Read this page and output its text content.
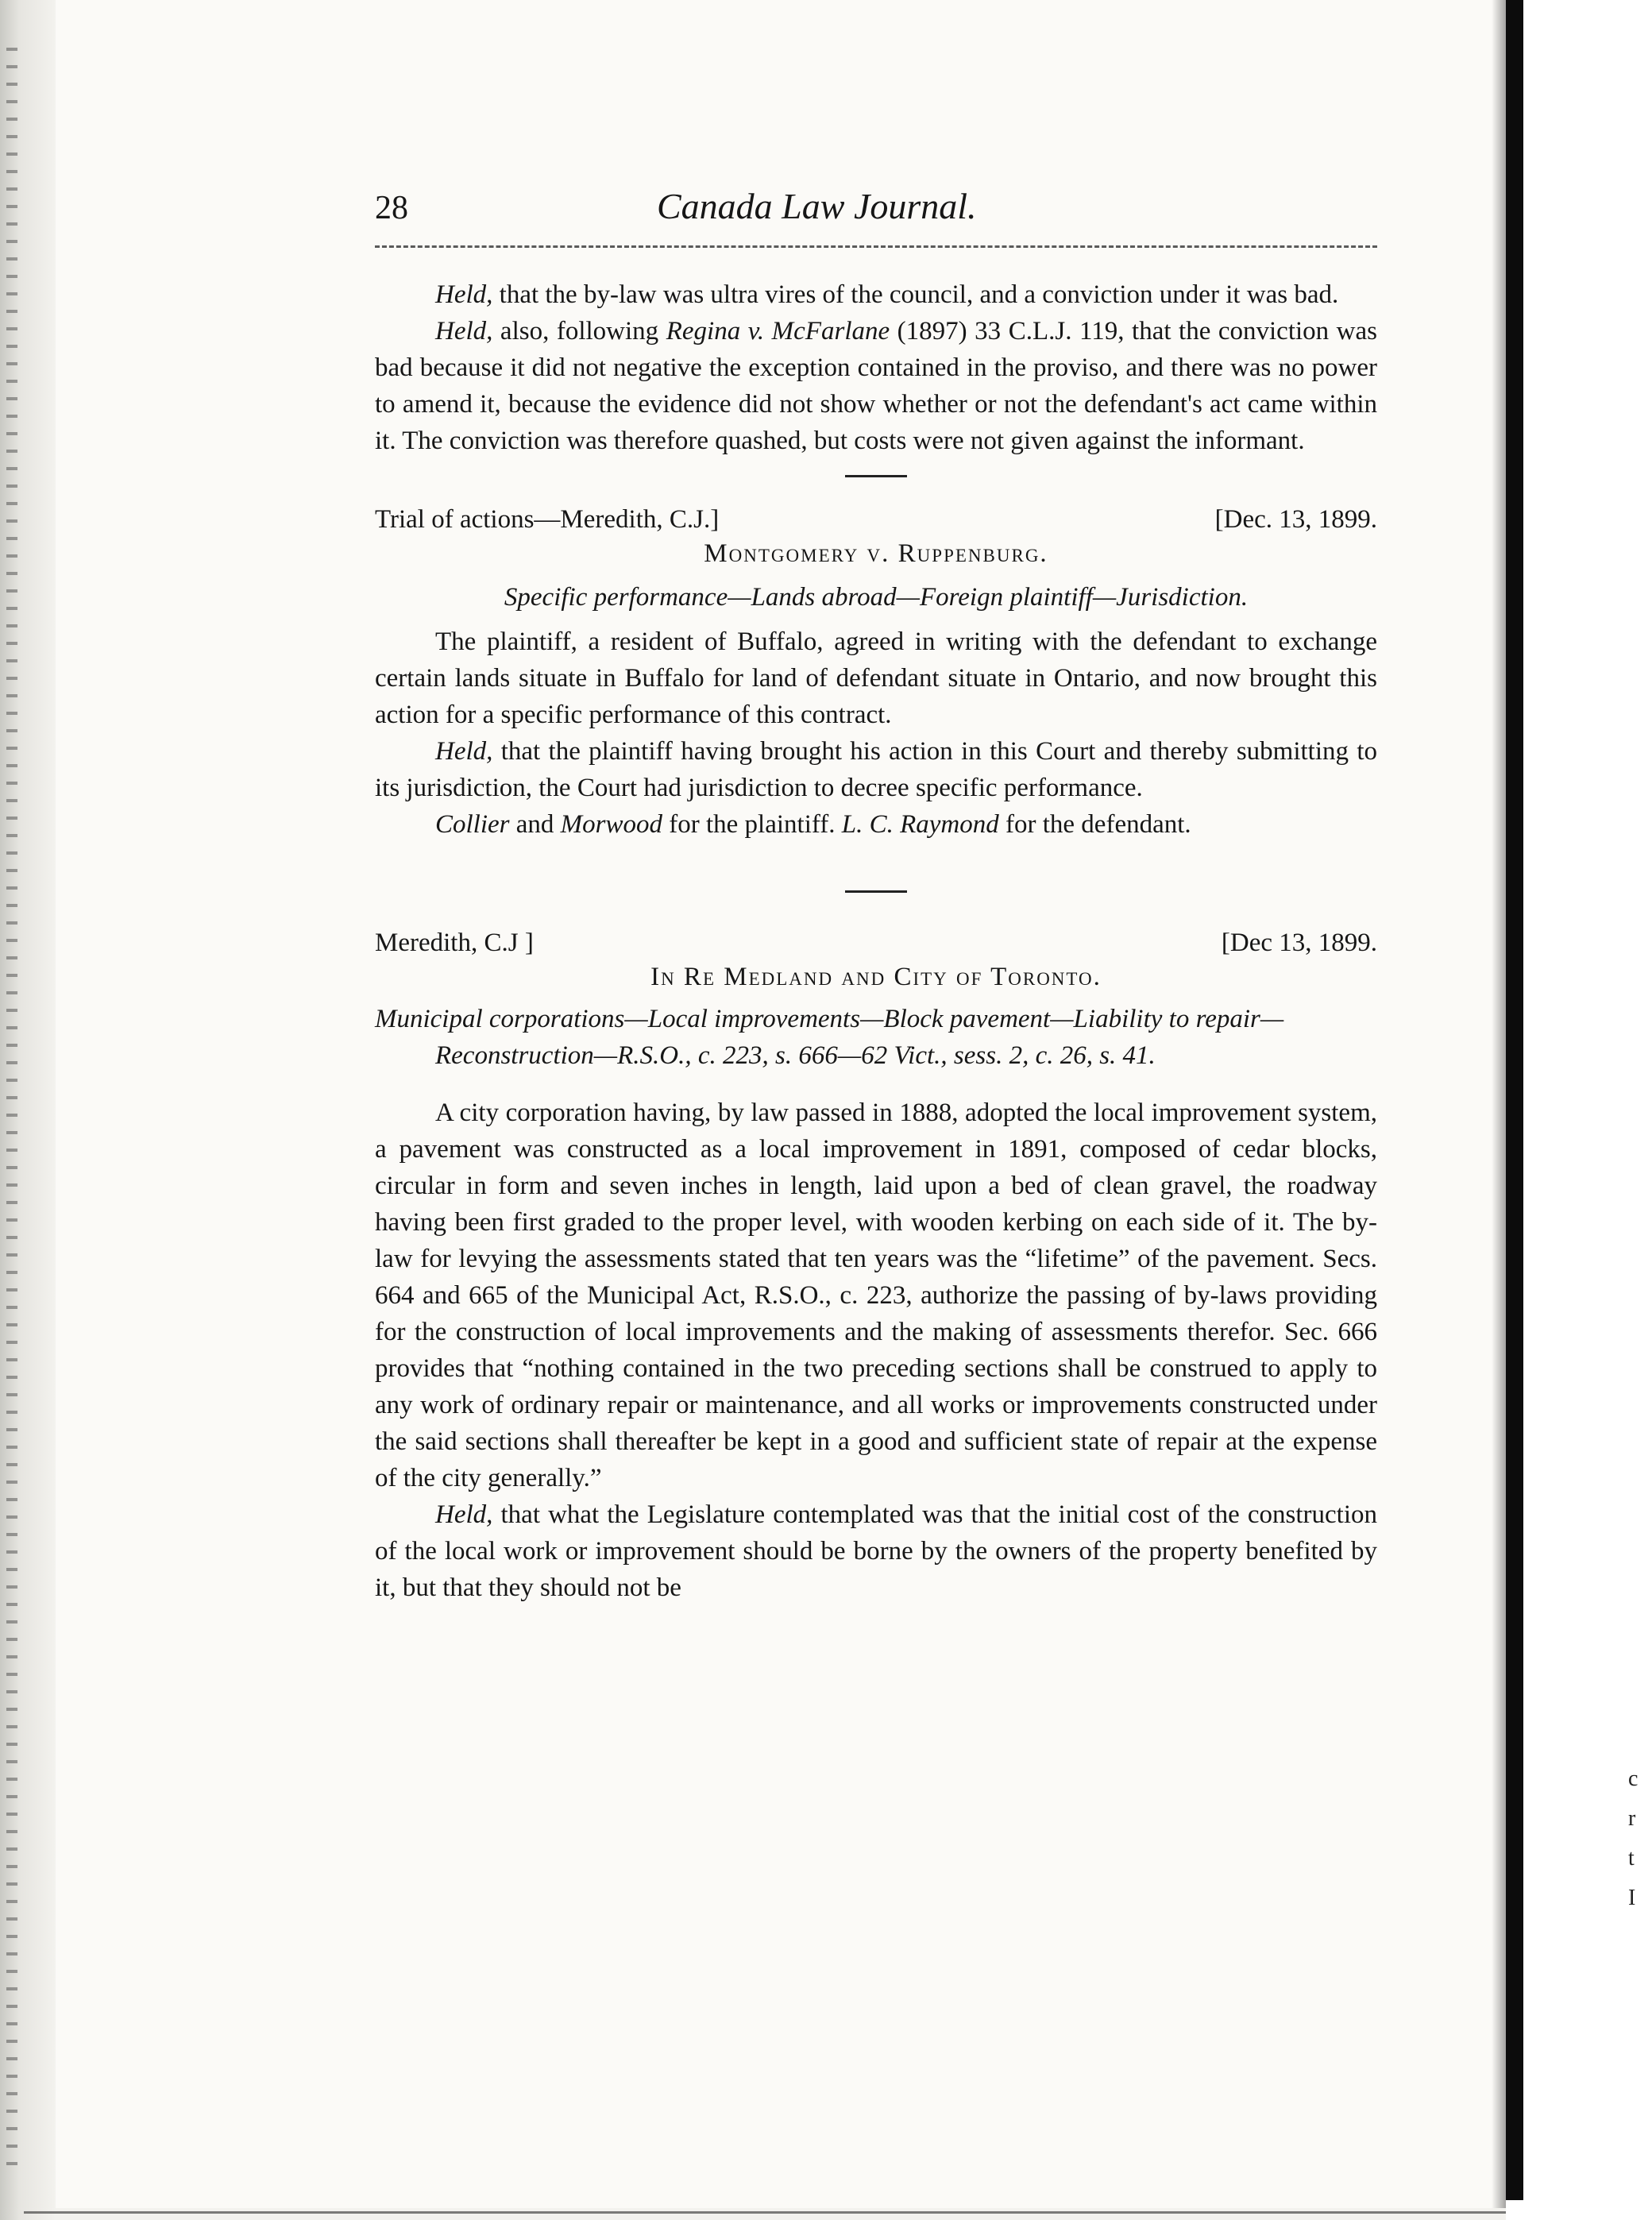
c
r
t
I
28	Canada Law Journal.

Held, that the by-law was ultra vires of the council, and a conviction under it was bad.

Held, also, following Regina v. McFarlane (1897) 33 C.L.J. 119, that the conviction was bad because it did not negative the exception contained in the proviso, and there was no power to amend it, because the evidence did not show whether or not the defendant's act came within it. The conviction was therefore quashed, but costs were not given against the informant.

Trial of actions—Meredith, C.J.]	[Dec. 13, 1899.
Montgomery v. Ruppenburg.
Specific performance—Lands abroad—Foreign plaintiff—Jurisdiction.

The plaintiff, a resident of Buffalo, agreed in writing with the defendant to exchange certain lands situate in Buffalo for land of defendant situate in Ontario, and now brought this action for a specific performance of this contract.

Held, that the plaintiff having brought his action in this Court and thereby submitting to its jurisdiction, the Court had jurisdiction to decree specific performance.

Collier and Morwood for the plaintiff. L. C. Raymond for the defendant.

Meredith, C.J ]	[Dec 13, 1899.
In Re Medland and City of Toronto.
Municipal corporations—Local improvements—Block pavement—Liability to repair—Reconstruction—R.S.O., c. 223, s. 666—62 Vict., sess. 2, c. 26, s. 41.

A city corporation having, by law passed in 1888, adopted the local improvement system, a pavement was constructed as a local improvement in 1891, composed of cedar blocks, circular in form and seven inches in length, laid upon a bed of clean gravel, the roadway having been first graded to the proper level, with wooden kerbing on each side of it. The by-law for levying the assessments stated that ten years was the “lifetime” of the pavement. Secs. 664 and 665 of the Municipal Act, R.S.O., c. 223, authorize the passing of by-laws providing for the construction of local improvements and the making of assessments therefor. Sec. 666 provides that “nothing contained in the two preceding sections shall be construed to apply to any work of ordinary repair or maintenance, and all works or improvements constructed under the said sections shall thereafter be kept in a good and sufficient state of repair at the expense of the city generally.”

Held, that what the Legislature contemplated was that the initial cost of the construction of the local work or improvement should be borne by the owners of the property benefited by it, but that they should not be
